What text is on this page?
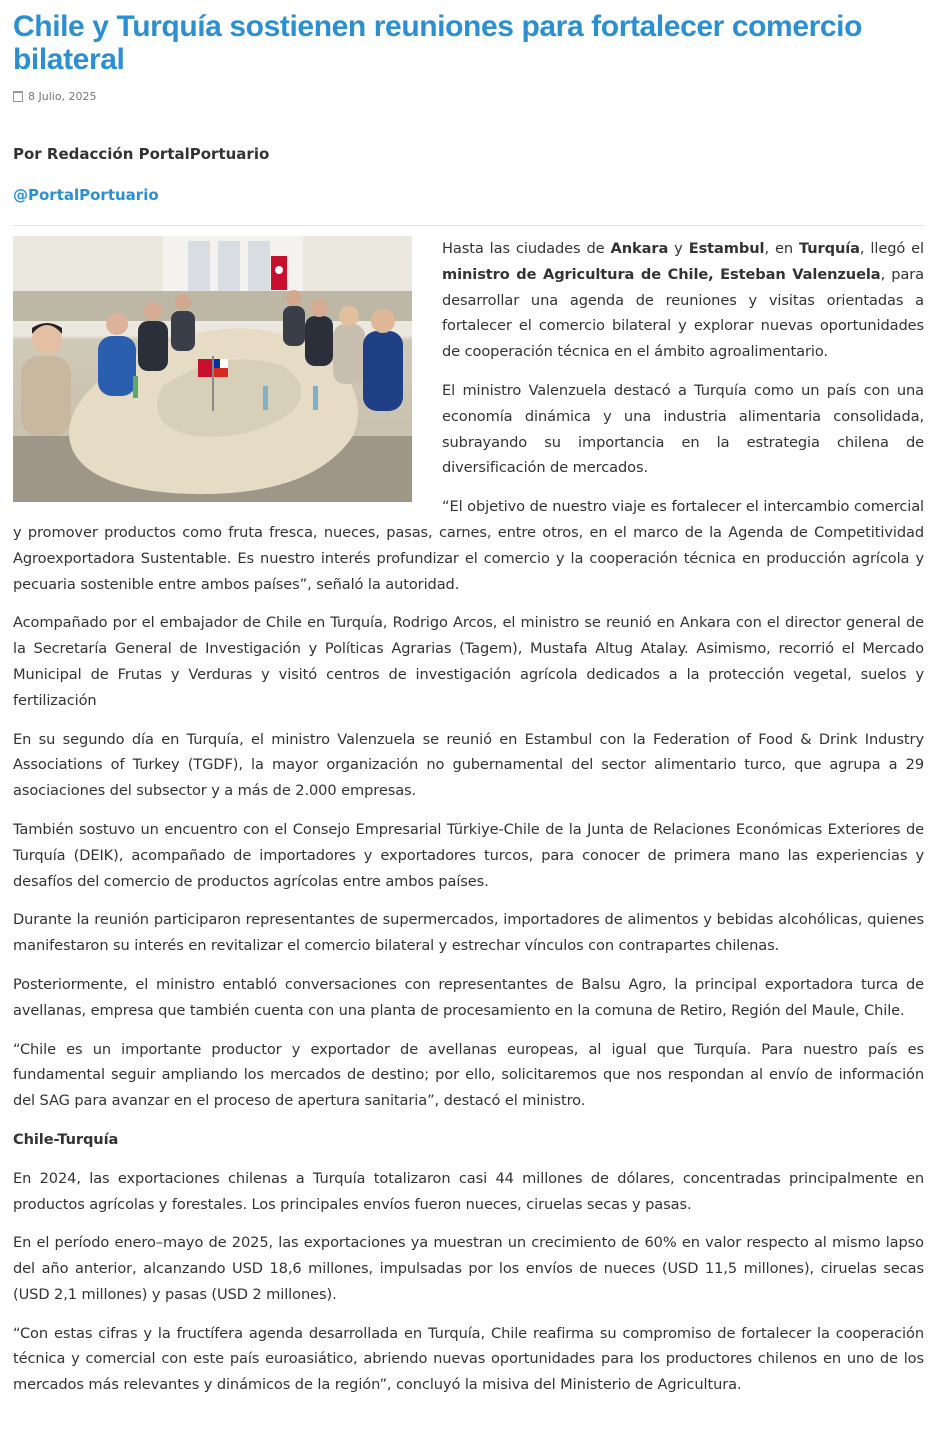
Chile y Turquía sostienen reuniones para fortalecer comercio bilateral
8 Julio, 2025
Por Redacción PortalPortuario
@PortalPortuario

Hasta las ciudades de Ankara y Estambul, en Turquía, llegó el ministro de Agricultura de Chile, Esteban Valenzuela, para desarrollar una agenda de reuniones y visitas orientadas a fortalecer el comercio bilateral y explorar nuevas oportunidades de cooperación técnica en el ámbito agroalimentario.

El ministro Valenzuela destacó a Turquía como un país con una economía dinámica y una industria alimentaria consolidada, subrayando su importancia en la estrategia chilena de diversificación de mercados.

“El objetivo de nuestro viaje es fortalecer el intercambio comercial y promover productos como fruta fresca, nueces, pasas, carnes, entre otros, en el marco de la Agenda de Competitividad Agroexportadora Sustentable. Es nuestro interés profundizar el comercio y la cooperación técnica en producción agrícola y pecuaria sostenible entre ambos países”, señaló la autoridad.

Acompañado por el embajador de Chile en Turquía, Rodrigo Arcos, el ministro se reunió en Ankara con el director general de la Secretaría General de Investigación y Políticas Agrarias (Tagem), Mustafa Altug Atalay. Asimismo, recorrió el Mercado Municipal de Frutas y Verduras y visitó centros de investigación agrícola dedicados a la protección vegetal, suelos y fertilización

En su segundo día en Turquía, el ministro Valenzuela se reunió en Estambul con la Federation of Food & Drink Industry Associations of Turkey (TGDF), la mayor organización no gubernamental del sector alimentario turco, que agrupa a 29 asociaciones del subsector y a más de 2.000 empresas.

También sostuvo un encuentro con el Consejo Empresarial Türkiye-Chile de la Junta de Relaciones Económicas Exteriores de Turquía (DEIK), acompañado de importadores y exportadores turcos, para conocer de primera mano las experiencias y desafíos del comercio de productos agrícolas entre ambos países.

Durante la reunión participaron representantes de supermercados, importadores de alimentos y bebidas alcohólicas, quienes manifestaron su interés en revitalizar el comercio bilateral y estrechar vínculos con contrapartes chilenas.

Posteriormente, el ministro entabló conversaciones con representantes de Balsu Agro, la principal exportadora turca de avellanas, empresa que también cuenta con una planta de procesamiento en la comuna de Retiro, Región del Maule, Chile.

“Chile es un importante productor y exportador de avellanas europeas, al igual que Turquía. Para nuestro país es fundamental seguir ampliando los mercados de destino; por ello, solicitaremos que nos respondan al envío de información del SAG para avanzar en el proceso de apertura sanitaria”, destacó el ministro.

Chile-Turquía

En 2024, las exportaciones chilenas a Turquía totalizaron casi 44 millones de dólares, concentradas principalmente en productos agrícolas y forestales. Los principales envíos fueron nueces, ciruelas secas y pasas.

En el período enero–mayo de 2025, las exportaciones ya muestran un crecimiento de 60% en valor respecto al mismo lapso del año anterior, alcanzando USD 18,6 millones, impulsadas por los envíos de nueces (USD 11,5 millones), ciruelas secas (USD 2,1 millones) y pasas (USD 2 millones).

“Con estas cifras y la fructífera agenda desarrollada en Turquía, Chile reafirma su compromiso de fortalecer la cooperación técnica y comercial con este país euroasiático, abriendo nuevas oportunidades para los productores chilenos en uno de los mercados más relevantes y dinámicos de la región”, concluyó la misiva del Ministerio de Agricultura.
